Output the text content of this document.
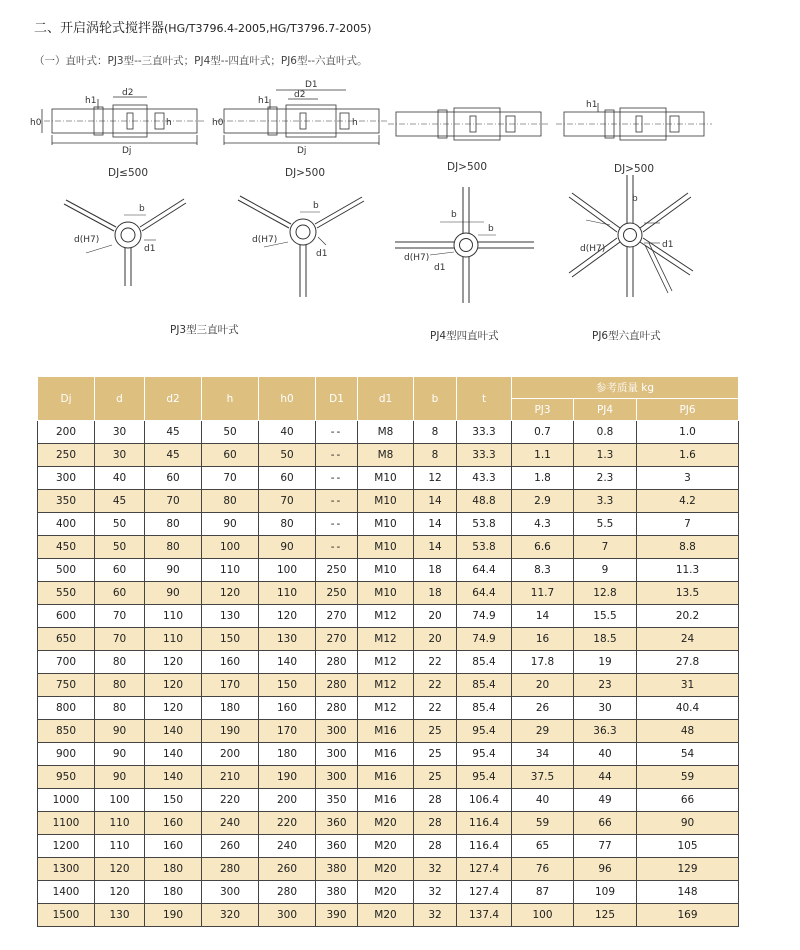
二、开启涡轮式搅拌器(HG/T3796.4-2005,HG/T3796.7-2005)
（一）直叶式：PJ3型--三直叶式；PJ4型--四直叶式；PJ6型--六直叶式。
d2
h1
h0	h
Dj
DJ≤500
D1
d2
h1
h0	h
Dj
DJ>500	DJ>500
h1
DJ>500
b
d1
d(H7)
b
d1
d(H7)
PJ3型三直叶式
b
b
d(H7)
d1
PJ4型四直叶式
b
d(H7)	d1
PJ6型六直叶式
Dj	d	d2	h	h0	D1	d1	b	t	参考质量 kg		
									PJ3	PJ4	PJ6
200	30	45	50	40	--	M8	8	33.3	0.7	0.8	1.0
250	30	45	60	50	--	M8	8	33.3	1.1	1.3	1.6
300	40	60	70	60	--	M10	12	43.3	1.8	2.3	3
350	45	70	80	70	--	M10	14	48.8	2.9	3.3	4.2
400	50	80	90	80	--	M10	14	53.8	4.3	5.5	7
450	50	80	100	90	--	M10	14	53.8	6.6	7	8.8
500	60	90	110	100	250	M10	18	64.4	8.3	9	11.3
550	60	90	120	110	250	M10	18	64.4	11.7	12.8	13.5
600	70	110	130	120	270	M12	20	74.9	14	15.5	20.2
650	70	110	150	130	270	M12	20	74.9	16	18.5	24
700	80	120	160	140	280	M12	22	85.4	17.8	19	27.8
750	80	120	170	150	280	M12	22	85.4	20	23	31
800	80	120	180	160	280	M12	22	85.4	26	30	40.4
850	90	140	190	170	300	M16	25	95.4	29	36.3	48
900	90	140	200	180	300	M16	25	95.4	34	40	54
950	90	140	210	190	300	M16	25	95.4	37.5	44	59
1000	100	150	220	200	350	M16	28	106.4	40	49	66
1100	110	160	240	220	360	M20	28	116.4	59	66	90
1200	110	160	260	240	360	M20	28	116.4	65	77	105
1300	120	180	280	260	380	M20	32	127.4	76	96	129
1400	120	180	300	280	380	M20	32	127.4	87	109	148
1500	130	190	320	300	390	M20	32	137.4	100	125	169
